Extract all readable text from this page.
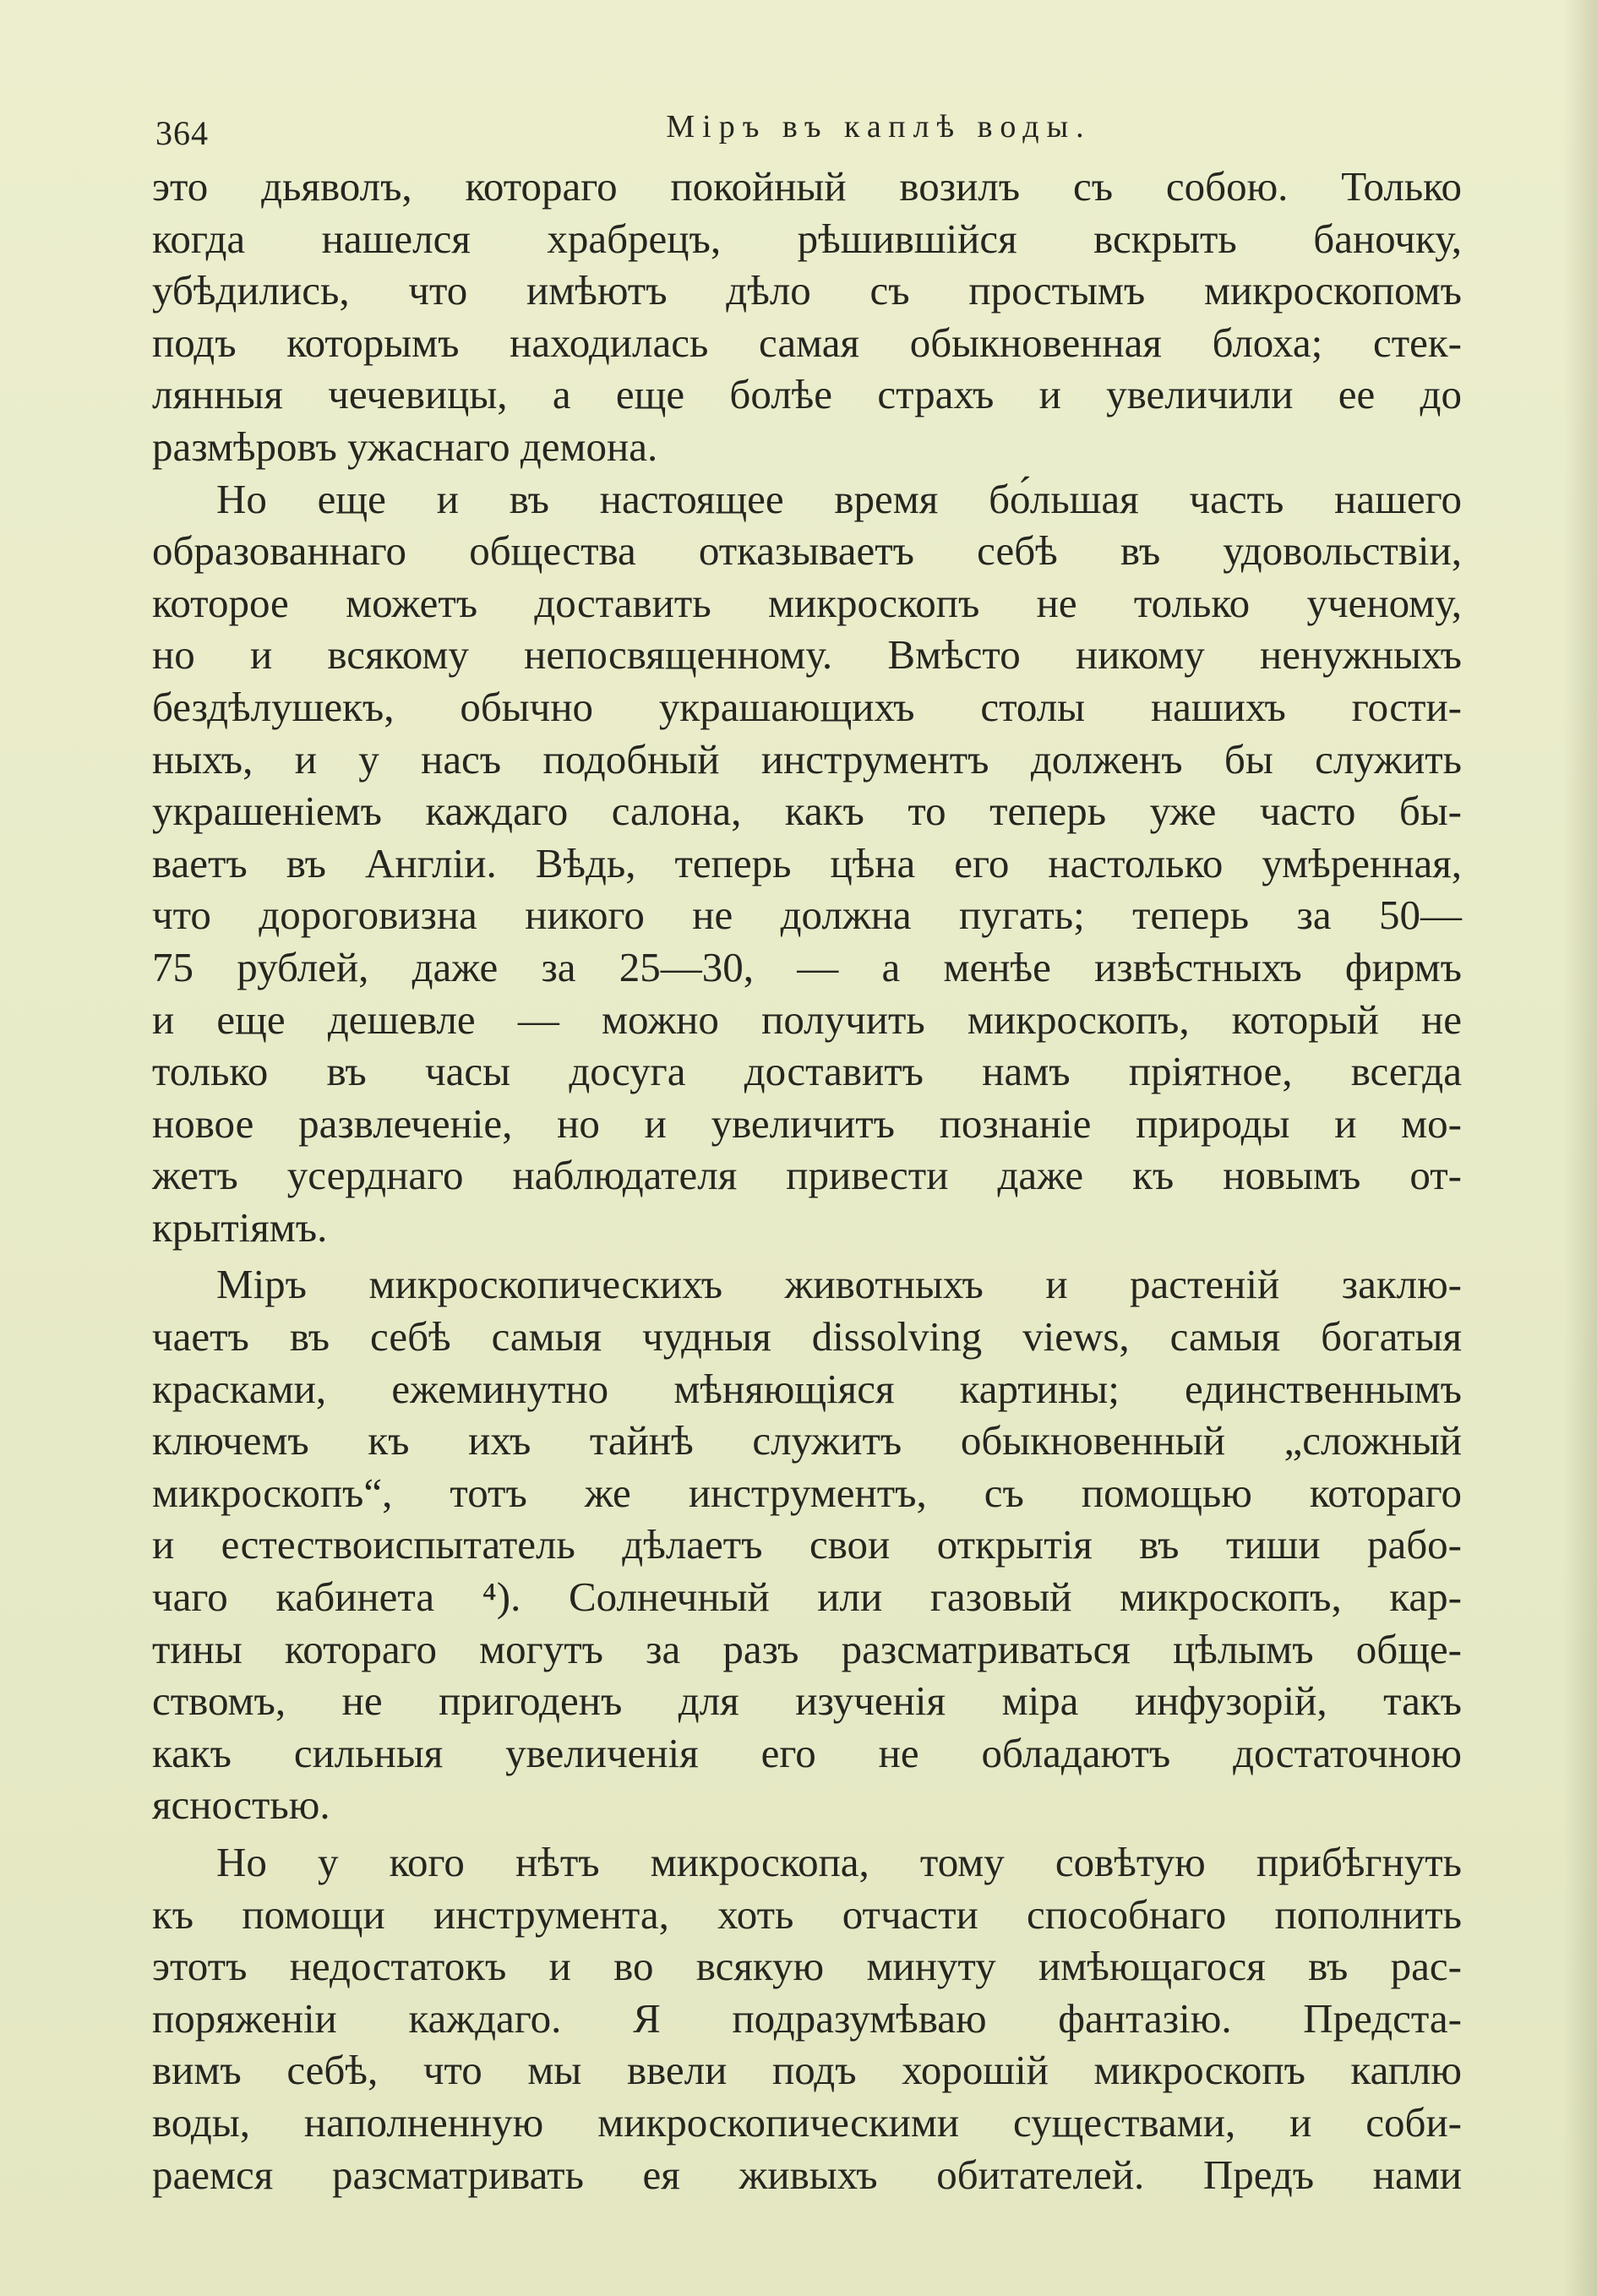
364	Міръ въ каплѣ воды.
это дьяволъ, котораго покойный возилъ съ собою. Только
когда нашелся храбрецъ, рѣшившійся вскрыть баночку,
убѣдились, что имѣютъ дѣло съ простымъ микроскопомъ
подъ которымъ находилась самая обыкновенная блоха; стек-
лянныя чечевицы, а еще болѣе страхъ и увеличили ее до
размѣровъ ужаснаго демона.
Но еще и въ настоящее время бо́льшая часть нашего
образованнаго общества отказываетъ себѣ въ удовольствіи,
которое можетъ доставить микроскопъ не только ученому,
но и всякому непосвященному. Вмѣсто никому ненужныхъ
бездѣлушекъ, обычно украшающихъ столы нашихъ гости-
ныхъ, и у насъ подобный инструментъ долженъ бы служить
украшеніемъ каждаго салона, какъ то теперь уже часто бы-
ваетъ въ Англіи. Вѣдь, теперь цѣна его настолько умѣренная,
что дороговизна никого не должна пугать; теперь за 50—
75 рублей, даже за 25—30, — а менѣе извѣстныхъ фирмъ
и еще дешевле — можно получить микроскопъ, который не
только въ часы досуга доставитъ намъ пріятное, всегда
новое развлеченіе, но и увеличитъ познаніе природы и мо-
жетъ усерднаго наблюдателя привести даже къ новымъ от-
крытіямъ.
Міръ микроскопическихъ животныхъ и растеній заклю-
чаетъ въ себѣ самыя чудныя dissolving views, самыя богатыя
красками, ежеминутно мѣняющіяся картины; единственнымъ
ключемъ къ ихъ тайнѣ служитъ обыкновенный „сложный
микроскопъ“, тотъ же инструментъ, съ помощью котораго
и естествоиспытатель дѣлаетъ свои открытія въ тиши рабо-
чаго кабинета ⁴). Солнечный или газовый микроскопъ, кар-
тины котораго могутъ за разъ разсматриваться цѣлымъ обще-
ствомъ, не пригоденъ для изученія міра инфузорій, такъ
какъ сильныя увеличенія его не обладаютъ достаточною
ясностью.
Но у кого нѣтъ микроскопа, тому совѣтую прибѣгнуть
къ помощи инструмента, хоть отчасти способнаго пополнить
этотъ недостатокъ и во всякую минуту имѣющагося въ рас-
поряженіи каждаго. Я подразумѣваю фантазію. Предста-
вимъ себѣ, что мы ввели подъ хорошій микроскопъ каплю
воды, наполненную микроскопическими существами, и соби-
раемся разсматривать ея живыхъ обитателей. Предъ нами
